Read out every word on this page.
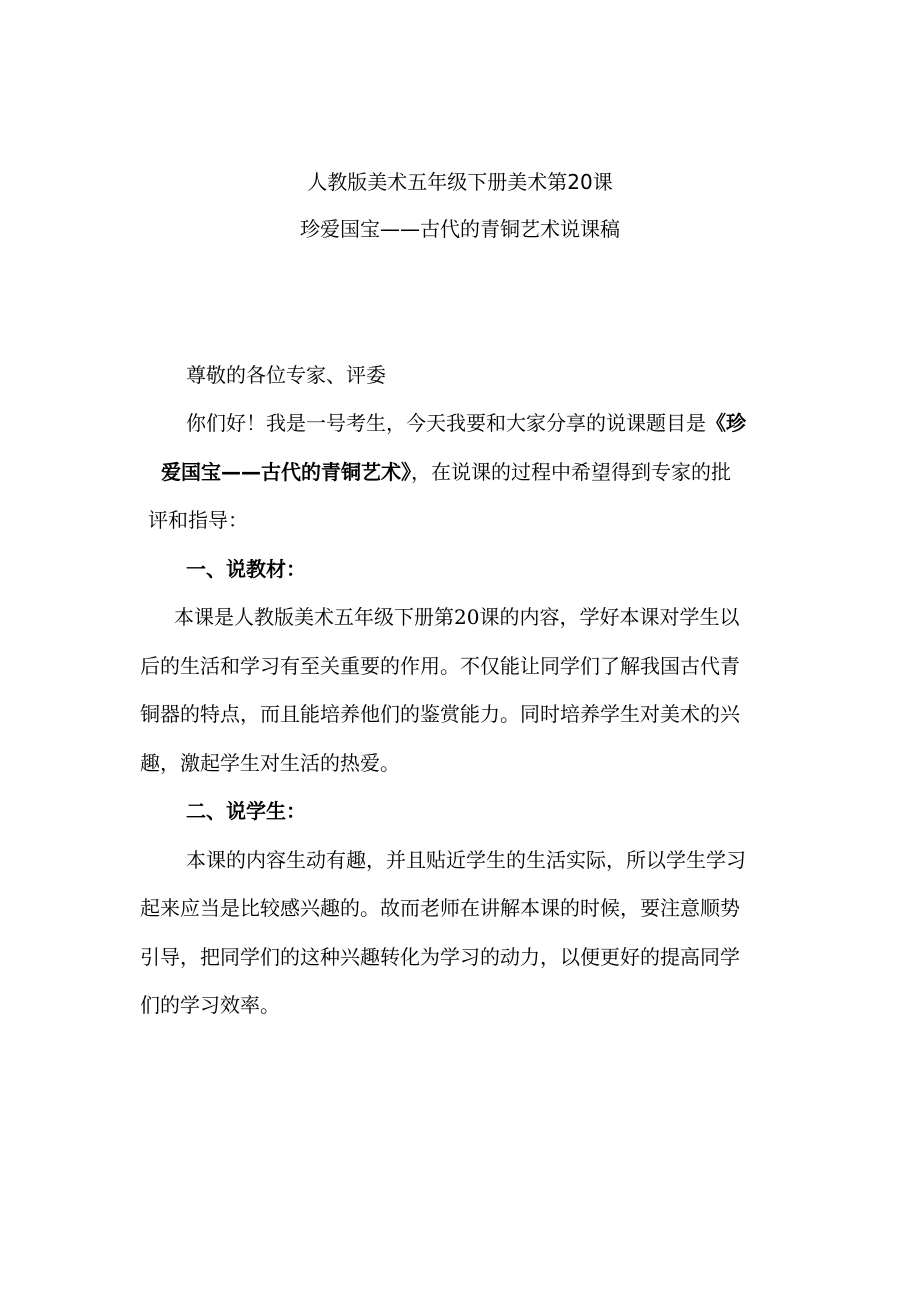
人教版美术五年级下册美术第20课
珍爱国宝——古代的青铜艺术说课稿
尊敬的各位专家、评委
你们好！我是一号考生，今天我要和大家分享的说课题目是《珍
爱国宝——古代的青铜艺术》，在说课的过程中希望得到专家的批
评和指导：
一、说教材：
本课是人教版美术五年级下册第20课的内容，学好本课对学生以
后的生活和学习有至关重要的作用。不仅能让同学们了解我国古代青
铜器的特点，而且能培养他们的鉴赏能力。同时培养学生对美术的兴
趣，激起学生对生活的热爱。
二、说学生：
本课的内容生动有趣，并且贴近学生的生活实际，所以学生学习
起来应当是比较感兴趣的。故而老师在讲解本课的时候，要注意顺势
引导，把同学们的这种兴趣转化为学习的动力，以便更好的提高同学
们的学习效率。
